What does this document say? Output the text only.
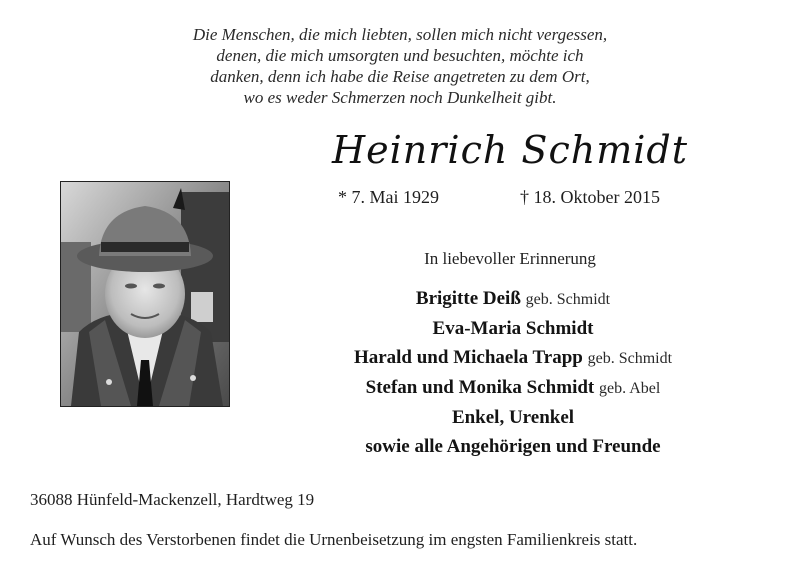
Die Menschen, die mich liebten, sollen mich nicht vergessen,
denen, die mich umsorgten und besuchten, möchte ich
danken, denn ich habe die Reise angetreten zu dem Ort,
wo es weder Schmerzen noch Dunkelheit gibt.
Heinrich Schmidt
* 7. Mai 1929	† 18. Oktober 2015
In liebevoller Erinnerung
Brigitte Deiß geb. Schmidt
Eva-Maria Schmidt
Harald und Michaela Trapp geb. Schmidt
Stefan und Monika Schmidt geb. Abel
Enkel, Urenkel
sowie alle Angehörigen und Freunde
36088 Hünfeld-Mackenzell, Hardtweg 19
Auf Wunsch des Verstorbenen findet die Urnenbeisetzung im engsten Familienkreis statt.
